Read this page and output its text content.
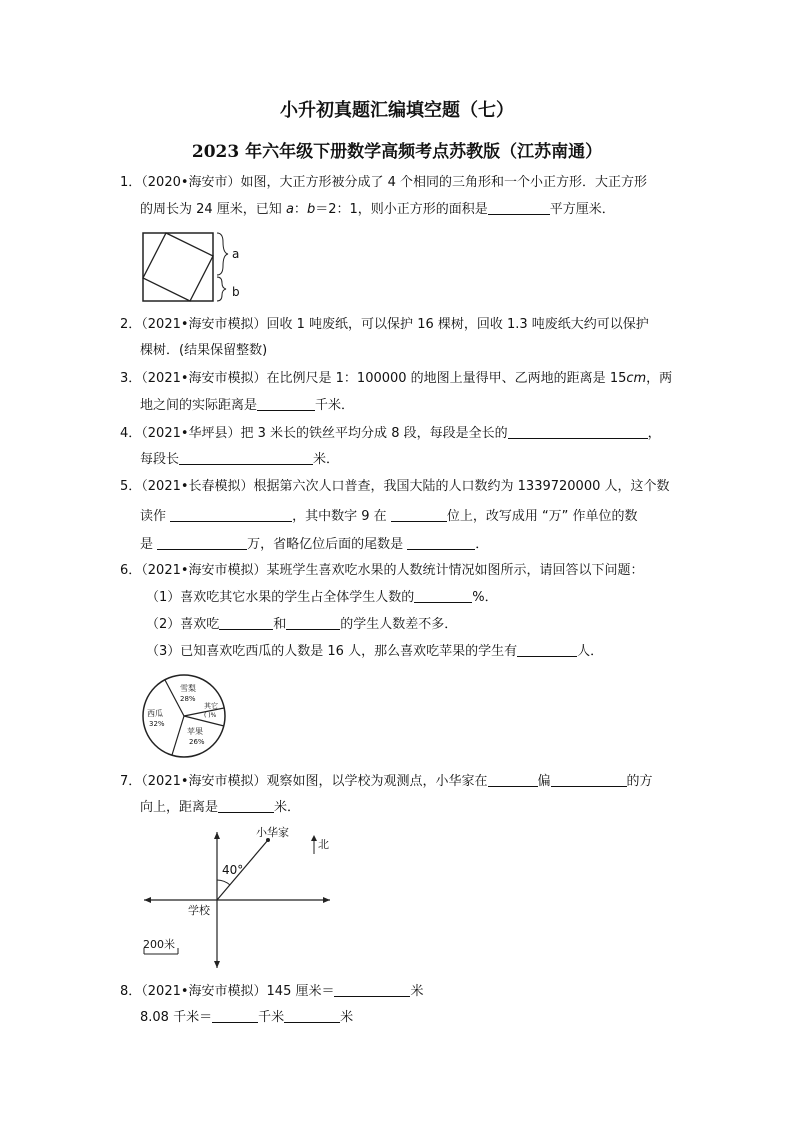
小升初真题汇编填空题（七）
2023 年六年级下册数学高频考点苏教版（江苏南通）
1．（2020•海安市）如图，大正方形被分成了 4 个相同的三角形和一个小正方形．大正方形
的周长为 24 厘米，已知 a：b＝2：1，则小正方形的面积是	平方厘米．
a
b
2．（2021•海安市模拟）回收 1 吨废纸，可以保护 16 棵树，回收 1.3 吨废纸大约可以保护
棵树．(结果保留整数)
3．（2021•海安市模拟）在比例尺是 1：100000 的地图上量得甲、乙两地的距离是 15cm，两
地之间的实际距离是	千米．
4．（2021•华坪县）把 3 米长的铁丝平均分成 8 段，每段是全长的	，
每段长	米．
5．（2021•长春模拟）根据第六次人口普查，我国大陆的人口数约为 1339720000 人，这个数
读作	，其中数字 9 在	位上，改写成用 “万” 作单位的数
是	万，省略亿位后面的尾数是	．
6．（2021•海安市模拟）某班学生喜欢吃水果的人数统计情况如图所示，请回答以下问题：
（1）喜欢吃其它水果的学生占全体学生人数的	%．
（2）喜欢吃	和	的学生人数差不多．
（3）已知喜欢吃西瓜的人数是 16 人，那么喜欢吃苹果的学生有	人．
雪梨
28%
其它
( )%
西瓜
32%
苹果
26%
7．（2021•海安市模拟）观察如图，以学校为观测点，小华家在	偏	的方
向上，距离是	米．
40°
小华家
北
学校
200米
8．（2021•海安市模拟）145 厘米＝	米
8.08 千米＝	千米	米
